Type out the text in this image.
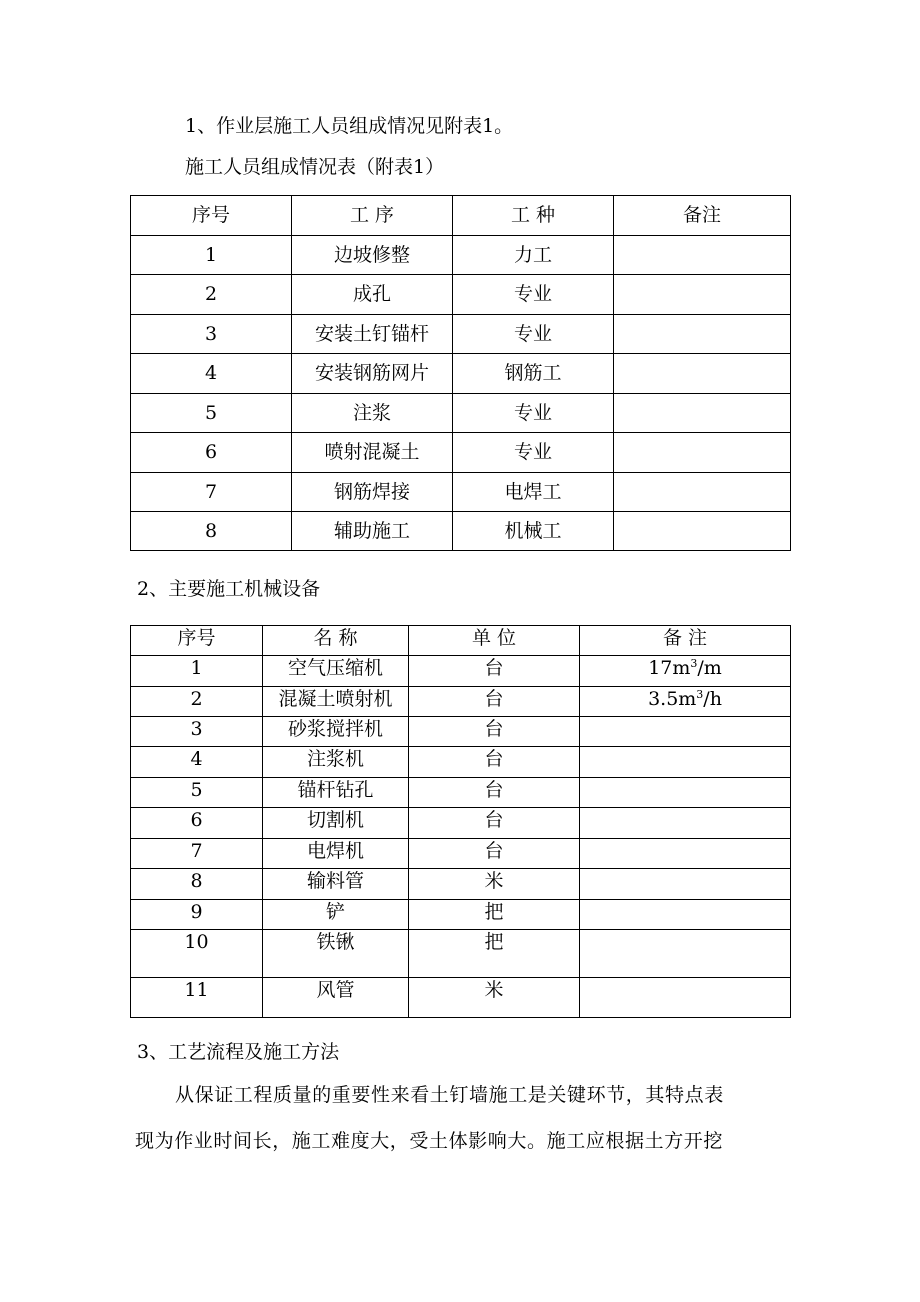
1、作业层施工人员组成情况见附表1。
施工人员组成情况表（附表1）
序号	工 序	工 种	备注
1	边坡修整	力工	
2	成孔	专业	
3	安装土钉锚杆	专业	
4	安装钢筋网片	钢筋工	
5	注浆	专业	
6	喷射混凝土	专业	
7	钢筋焊接	电焊工	
8	辅助施工	机械工	
2、主要施工机械设备
序号	名 称	单 位	备 注
1	空气压缩机	台	$17m^3/m$
2	混凝土喷射机	台	$3.5m^3/h$
3	砂浆搅拌机	台	
4	注浆机	台	
5	锚杆钻孔	台	
6	切割机	台	
7	电焊机	台	
8	输料管	米	
9	铲	把	
10	铁锹	把	
11	风管	米	
3、工艺流程及施工方法
从保证工程质量的重要性来看土钉墙施工是关键环节，其特点表
现为作业时间长，施工难度大，受土体影响大。施工应根据土方开挖
